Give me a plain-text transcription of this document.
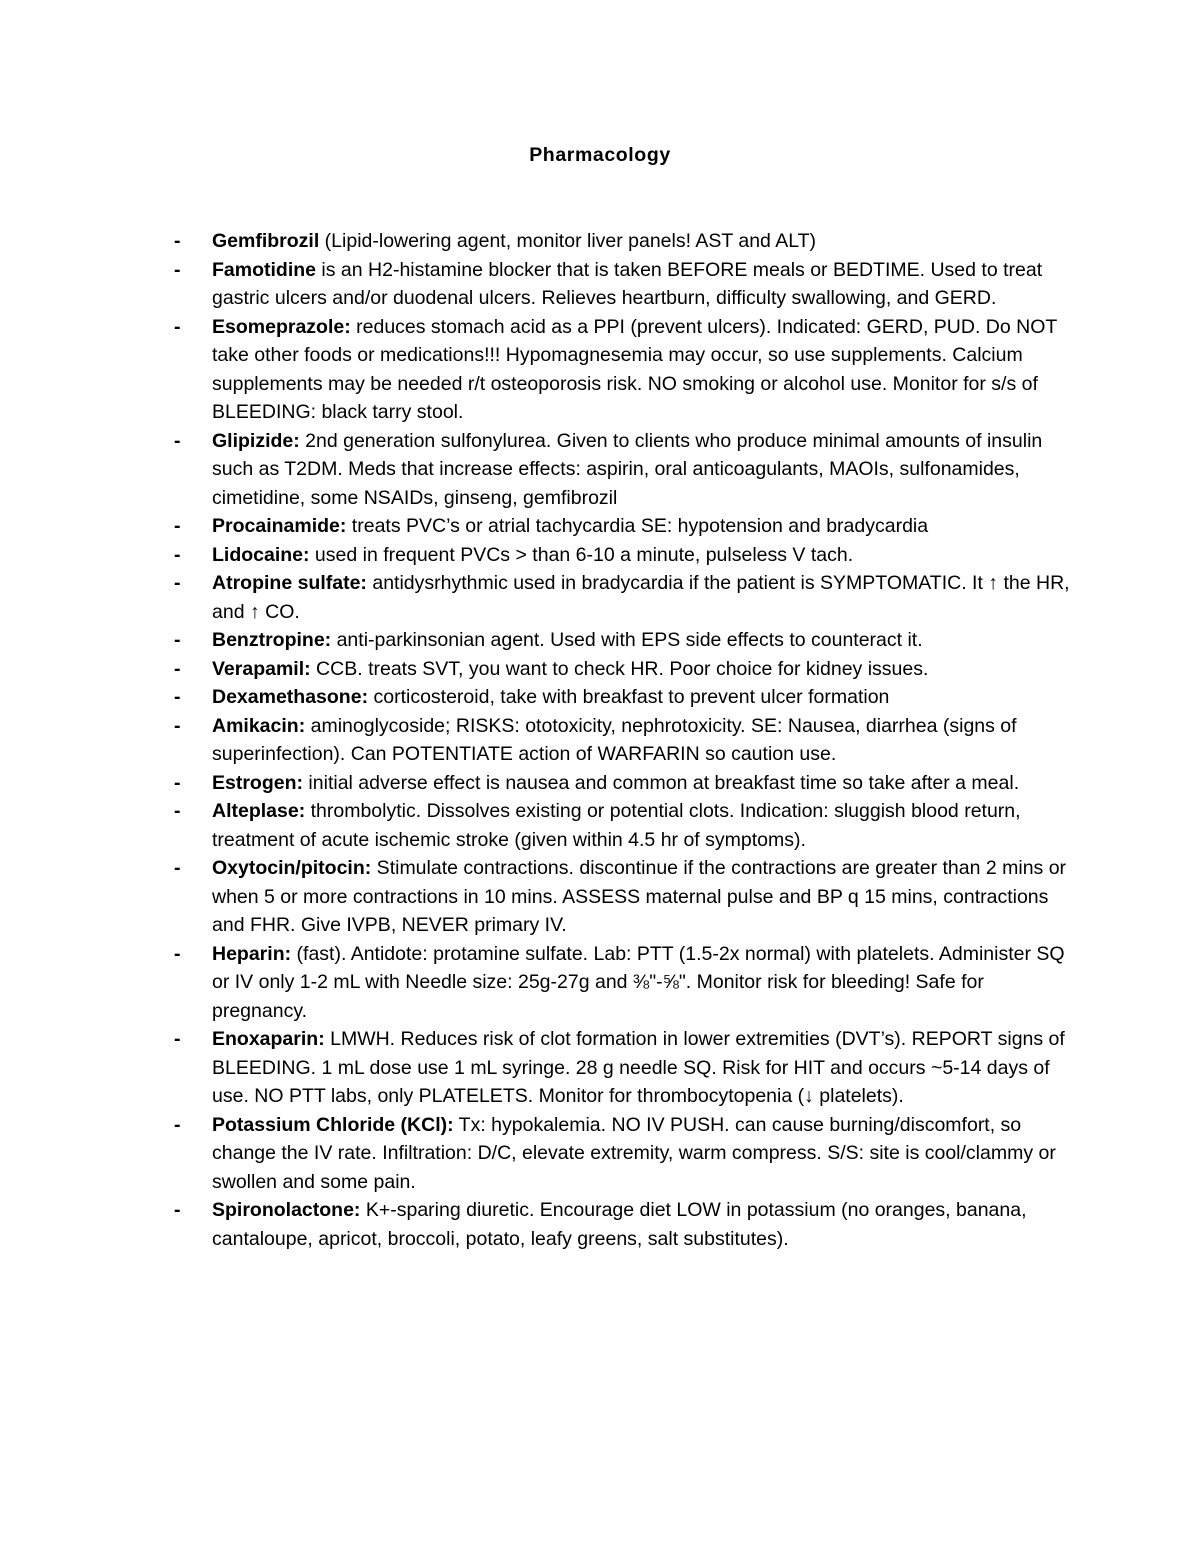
Pharmacology
- Gemfibrozil (Lipid-lowering agent, monitor liver panels! AST and ALT)
- Famotidine is an H2-histamine blocker that is taken BEFORE meals or BEDTIME. Used to treat gastric ulcers and/or duodenal ulcers. Relieves heartburn, difficulty swallowing, and GERD.
- Esomeprazole: reduces stomach acid as a PPI (prevent ulcers). Indicated: GERD, PUD. Do NOT take other foods or medications!!! Hypomagnesemia may occur, so use supplements. Calcium supplements may be needed r/t osteoporosis risk. NO smoking or alcohol use. Monitor for s/s of BLEEDING: black tarry stool.
- Glipizide: 2nd generation sulfonylurea. Given to clients who produce minimal amounts of insulin such as T2DM. Meds that increase effects: aspirin, oral anticoagulants, MAOIs, sulfonamides, cimetidine, some NSAIDs, ginseng, gemfibrozil
- Procainamide: treats PVC’s or atrial tachycardia SE: hypotension and bradycardia
- Lidocaine: used in frequent PVCs > than 6-10 a minute, pulseless V tach.
- Atropine sulfate: antidysrhythmic used in bradycardia if the patient is SYMPTOMATIC. It ↑ the HR, and ↑ CO.
- Benztropine: anti-parkinsonian agent. Used with EPS side effects to counteract it.
- Verapamil: CCB. treats SVT, you want to check HR. Poor choice for kidney issues.
- Dexamethasone: corticosteroid, take with breakfast to prevent ulcer formation
- Amikacin: aminoglycoside; RISKS: ototoxicity, nephrotoxicity. SE: Nausea, diarrhea (signs of superinfection). Can POTENTIATE action of WARFARIN so caution use.
- Estrogen: initial adverse effect is nausea and common at breakfast time so take after a meal.
- Alteplase: thrombolytic. Dissolves existing or potential clots. Indication: sluggish blood return, treatment of acute ischemic stroke (given within 4.5 hr of symptoms).
- Oxytocin/pitocin: Stimulate contractions. discontinue if the contractions are greater than 2 mins or when 5 or more contractions in 10 mins. ASSESS maternal pulse and BP q 15 mins, contractions and FHR. Give IVPB, NEVER primary IV.
- Heparin: (fast). Antidote: protamine sulfate. Lab: PTT (1.5-2x normal) with platelets. Administer SQ or IV only 1-2 mL with Needle size: 25g-27g and ⅜"-⅝". Monitor risk for bleeding! Safe for pregnancy.
- Enoxaparin: LMWH. Reduces risk of clot formation in lower extremities (DVT’s). REPORT signs of BLEEDING. 1 mL dose use 1 mL syringe. 28 g needle SQ. Risk for HIT and occurs ~5-14 days of use. NO PTT labs, only PLATELETS. Monitor for thrombocytopenia (↓ platelets).
- Potassium Chloride (KCl): Tx: hypokalemia. NO IV PUSH. can cause burning/discomfort, so change the IV rate. Infiltration: D/C, elevate extremity, warm compress. S/S: site is cool/clammy or swollen and some pain.
- Spironolactone: K+-sparing diuretic. Encourage diet LOW in potassium (no oranges, banana, cantaloupe, apricot, broccoli, potato, leafy greens, salt substitutes).
